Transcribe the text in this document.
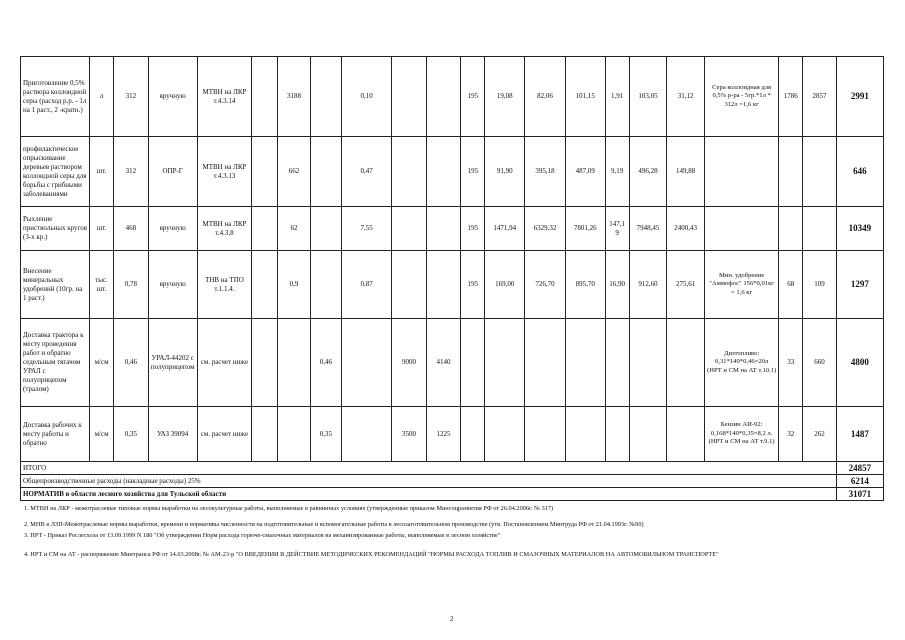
Приготовление 0,5% раствора коллоидной серы (расход р.р. - 1л на 1 раст., 2 -кратн.)	л	312	вручную	МТВН на ЛКР т.4.3.14		3188		0,10			195	19,08	82,06	101,15	1,91	103,05	31,12	Сера коллоидная для 0,5% р-ра - 5гр.*1л * 312л =1,6 кг	1786	2857	2991
профилактическое опрыскивание деревьев раствором коллоидной серы для борьбы с грибными заболеваниями	шт.	312	ОПР-Г	МТВН на ЛКР т.4.3.13		662		0,47			195	91,90	395,18	487,09	9,19	496,28	149,88				646
Рыхление приствольных кругов (3-х кр.)	шт.	468	вручную	МТВН на ЛКР т.4.3.8		62		7,55			195	1471,94	6329,32	7801,26	147,19	7948,45	2400,43				10349
Внесение минеральных удобрений (10гр. на 1 раст.)	тыс. шт.	0,78	вручную	ТНВ на ТПО т.1.1.4.		0,9		0,87			195	169,00	726,70	895,70	16,90	912,60	275,61	Мин. удобрение "Аммофос" 156*0,01кг = 1,6 кг	68	109	1297
Доставка трактора к месту проведения работ и обратно седельным тягачом УРАЛ с полуприцепом (тралом)	м/см	0,46	УРАЛ-44202 с полуприцепом	см. расчет ниже			0,46		9000	4140								Дизтопливо: 0,31*140*0,46=20л (НРТ и СМ на АТ т.10.1)	33	660	4800
Доставка рабочих к месту работы и обратно	м/см	0,35	УАЗ 39094	см. расчет ниже			0,35		3500	1225								Бензин АИ-92: 0,168*140*0,35=8,2 л. (НРТ и СМ на АТ т.9.1)	32	262	1487
ИТОГО																					24857
Общепроизводственные расходы (накладные расходы) 25%																					6214
НОРМАТИВ в области лесного хозяйства для Тульской области																					31071
1. МТВН на ЛКР - межотраслевые типовые нормы выработки на лесокультурные работы, выполняемые в равнинных условиях (утвержденные приказом Минсоцразвития РФ от 26.04.2006г. № 317)
2. МНВ в ЛЗП-Межотраслевые нормы выработки, времени и нормативы численности на подготовительные и вспомогательные работы в лесозаготовительном производстве (утв. Постановлением Минтруда РФ от 21.04.1993г. №90)
3. НРТ - Приказ Рослесхоза от 13.09.1999 N 180 "Об утверждении Норм расхода горюче-смазочных материалов на механизированные работы, выполняемые в лесном хозяйстве"
4. НРТ и СМ на АТ - распоряжение Минтранса РФ от 14.03.2008г. № АМ-23-р "О ВВЕДЕНИИ В ДЕЙСТВИЕ МЕТОДИЧЕСКИХ РЕКОМЕНДАЦИЙ "НОРМЫ РАСХОДА ТОПЛИВ И СМАЗОЧНЫХ МАТЕРИАЛОВ НА АВТОМОБИЛЬНОМ ТРАНСПОРТЕ"
2
